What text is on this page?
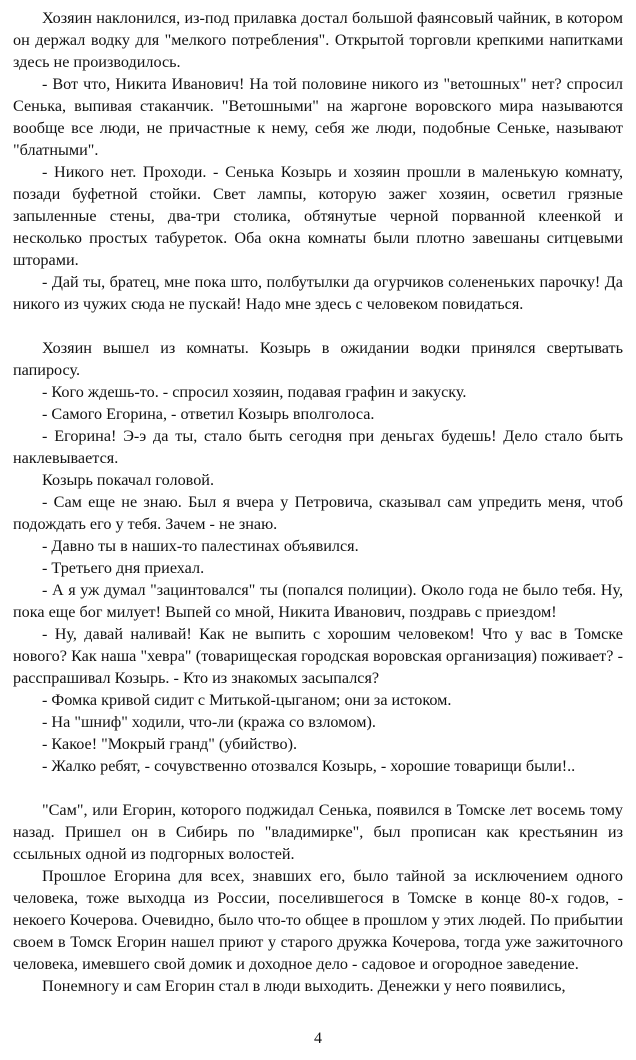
Хозяин наклонился, из-под прилавка достал большой фаянсовый чайник, в котором он держал водку для "мелкого потребления". Открытой торговли крепкими напитками здесь не производилось.

- Вот что, Никита Иванович! На той половине никого из "ветошных" нет? спросил Сенька, выпивая стаканчик. "Ветошными" на жаргоне воровского мира называются вообще все люди, не причастные к нему, себя же люди, подобные Сеньке, называют "блатными".

- Никого нет. Проходи. - Сенька Козырь и хозяин прошли в маленькую комнату, позади буфетной стойки. Свет лампы, которую зажег хозяин, осветил грязные запыленные стены, два-три столика, обтянутые черной порванной клеенкой и несколько простых табуреток. Оба окна комнаты были плотно завешаны ситцевыми шторами.

- Дай ты, братец, мне пока што, полбутылки да огурчиков солененьких парочку! Да никого из чужих сюда не пускай! Надо мне здесь с человеком повидаться.

Хозяин вышел из комнаты. Козырь в ожидании водки принялся свертывать папиросу.

- Кого ждешь-то. - спросил хозяин, подавая графин и закуску.

- Самого Егорина, - ответил Козырь вполголоса.

- Егорина! Э-э да ты, стало быть сегодня при деньгах будешь! Дело стало быть наклевывается.

Козырь покачал головой.

- Сам еще не знаю. Был я вчера у Петровича, сказывал сам упредить меня, чтоб подождать его у тебя. Зачем - не знаю.

- Давно ты в наших-то палестинах объявился.

- Третьего дня приехал.

- А я уж думал "зацинтовался" ты (попался полиции). Около года не было тебя. Ну, пока еще бог милует! Выпей со мной, Никита Иванович, поздравь с приездом!

- Ну, давай наливай! Как не выпить с хорошим человеком! Что у вас в Томске нового? Как наша "хевра" (товарищеская городская воровская организация) поживает? - расспрашивал Козырь. - Кто из знакомых засыпался?

- Фомка кривой сидит с Митькой-цыганом; они за истоком.

- На "шниф" ходили, что-ли (кража со взломом).

- Какое! "Мокрый гранд" (убийство).

- Жалко ребят, - сочувственно отозвался Козырь, - хорошие товарищи были!..

"Сам", или Егорин, которого поджидал Сенька, появился в Томске лет восемь тому назад. Пришел он в Сибирь по "владимирке", был прописан как крестьянин из ссыльных одной из подгорных волостей.

Прошлое Егорина для всех, знавших его, было тайной за исключением одного человека, тоже выходца из России, поселившегося в Томске в конце 80-х годов, - некоего Кочерова. Очевидно, было что-то общее в прошлом у этих людей. По прибытии своем в Томск Егорин нашел приют у старого дружка Кочерова, тогда уже зажиточного человека, имевшего свой домик и доходное дело - садовое и огородное заведение.

Понемногу и сам Егорин стал в люди выходить. Денежки у него появились,

4
